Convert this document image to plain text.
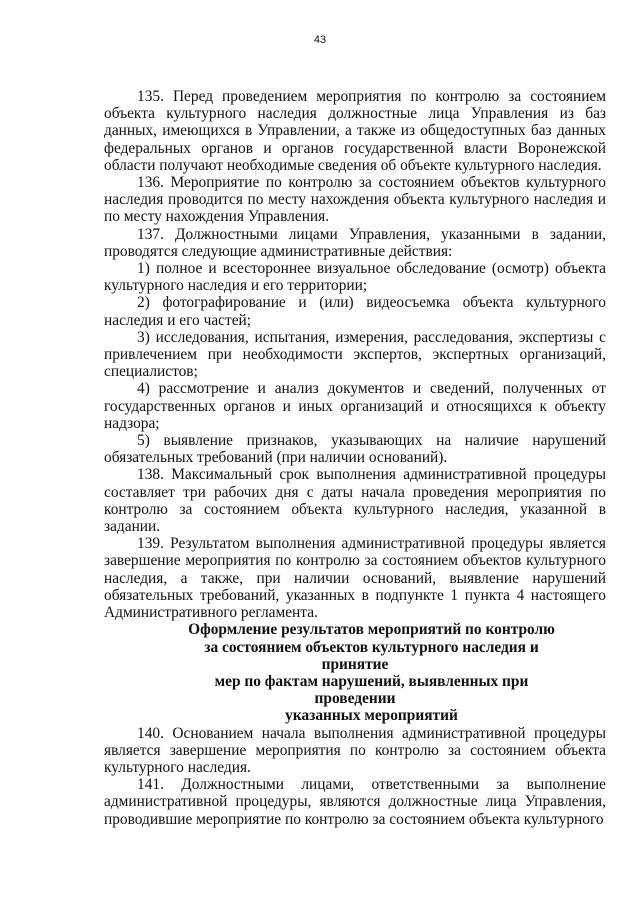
43

135. Перед проведением мероприятия по контролю за состоянием объекта культурного наследия должностные лица Управления из баз данных, имеющихся в Управлении, а также из общедоступных баз данных федеральных органов и органов государственной власти Воронежской области получают необходимые сведения об объекте культурного наследия.

136. Мероприятие по контролю за состоянием объектов культурного наследия проводится по месту нахождения объекта культурного наследия и по месту нахождения Управления.

137. Должностными лицами Управления, указанными в задании, проводятся следующие административные действия:

1) полное и всестороннее визуальное обследование (осмотр) объекта культурного наследия и его территории;

2) фотографирование и (или) видеосъемка объекта культурного наследия и его частей;

3) исследования, испытания, измерения, расследования, экспертизы с привлечением при необходимости экспертов, экспертных организаций, специалистов;

4) рассмотрение и анализ документов и сведений, полученных от государственных органов и иных организаций и относящихся к объекту надзора;

5) выявление признаков, указывающих на наличие нарушений обязательных требований (при наличии оснований).

138. Максимальный срок выполнения административной процедуры составляет три рабочих дня с даты начала проведения мероприятия по контролю за состоянием объекта культурного наследия, указанной в задании.

139. Результатом выполнения административной процедуры является завершение мероприятия по контролю за состоянием объектов культурного наследия, а также, при наличии оснований, выявление нарушений обязательных требований, указанных в подпункте 1 пункта 4 настоящего Административного регламента.

Оформление результатов мероприятий по контролю
за состоянием объектов культурного наследия и принятие
мер по фактам нарушений, выявленных при проведении
указанных мероприятий

140. Основанием начала выполнения административной процедуры является завершение мероприятия по контролю за состоянием объекта культурного наследия.

141. Должностными лицами, ответственными за выполнение административной процедуры, являются должностные лица Управления, проводившие мероприятие по контролю за состоянием объекта культурного
